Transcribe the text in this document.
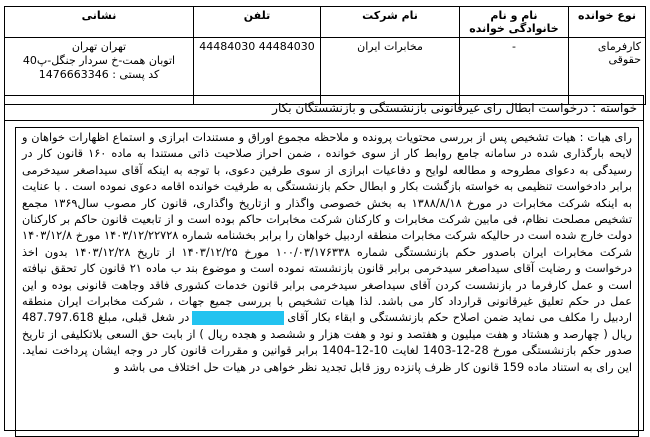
نوع خوانده	نام و نام خانوادگی خوانده	نام شرکت	تلفن	نشانی
کارفرمای حقوقی	-	مخابرات ایران	44484030 44484030	تهران تهران
اتوبان همت-خ سردار جنگل-پ40
کد پستی : 1476663346
خواسته : درخواست ابطال رای غیرقانونی بازنشستگی و بازنشستگان بکار
رای هیات : هیات تشخیص پس از بررسی محتویات پرونده و ملاحظه مجموع اوراق و مستندات ابرازی و استماع اظهارات خواهان و لایحه بارگذاری شده در سامانه جامع روابط کار از سوی خوانده ، ضمن احراز صلاحیت ذاتی مستندا به ماده ۱۶۰ قانون کار در رسیدگی به دعوای مطروحه و مطالعه لوایح و دفاعیات ابرازی از سوی طرفین دعوی، با توجه به اینکه آقای سیداصغر سیدخرمی برابر دادخواست تنظیمی به خواسته بازگشت بکار و ابطال حکم بازنشستگی به طرفیت خوانده اقامه دعوی نموده است . با عنایت به اینکه شرکت مخابرات در مورخ ۱۳۸۸/۸/۱۸ به بخش خصوصی واگذار و ازتاریخ واگذاری، قانون کار مصوب سال۱۳۶۹ مجمع تشخیص مصلحت نظام، فی مابین شرکت مخابرات و کارکنان شرکت مخابرات حاکم بوده است و از تابعیت قانون حاکم بر کارکنان دولت خارج شده است در حالیکه شرکت مخابرات منطقه اردبیل خواهان را برابر بخشنامه شماره ۱۴۰۳/۱۲/۲۲۷۲۸ مورخ ۱۴۰۳/۱۲/۸ شرکت مخابرات ایران باصدور حکم بازنشستگی شماره ۱۰۰/۰۳/۱۷۶۳۳۸ مورخ ۱۴۰۳/۱۲/۲۵ از تاریخ ۱۴۰۳/۱۲/۲۸ بدون اخذ درخواست و رضایت آقای سیداصغر سیدخرمی برابر قانون بازنشسته نموده است و موضوع بند ب ماده ۲۱ قانون کار تحقق نیافته است و عمل کارفرما در بازنشست کردن آقای سیداصغر سیدخرمی برابر قانون خدمات کشوری فاقد وجاهت قانونی بوده و این عمل در حکم تعلیق غیرقانونی قرارداد کار می باشد. لذا هیات تشخیص با بررسی جمیع جهات ، شرکت مخابرات ایران منطقه اردبیل را مکلف می نماید ضمن اصلاح حکم بازنشستگی و ابقاء بکار آقایدر شغل قبلی، مبلغ 487.797.618 ریال ( چهارصد و هشتاد و هفت میلیون و هفتصد و نود و هفت هزار و ششصد و هجده ریال ) از بابت حق السعی بلاتکلیفی از تاریخ صدور حکم بازنشستگی مورخ 28-12-1403 لغایت 10-12-1404 برابر قوانین و مقررات قانون کار در وجه ایشان پرداخت نماید. این رای به استناد ماده 159 قانون کار ظرف پانزده روز قابل تجدید نظر خواهی در هیات حل اختلاف می باشد و
